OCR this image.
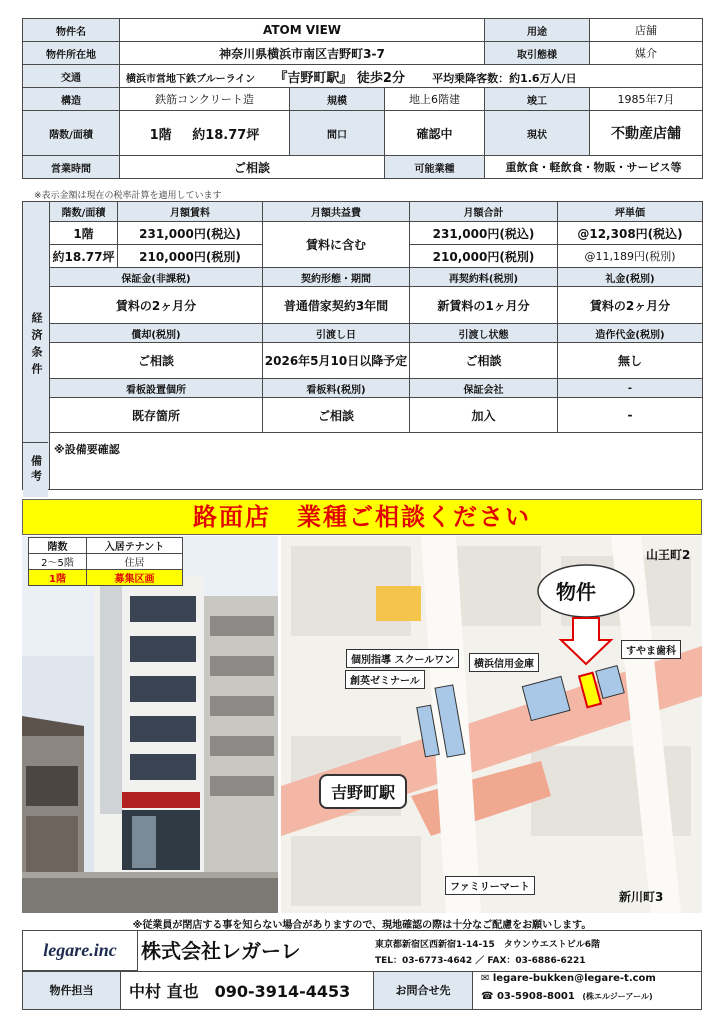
物件名	ATOM VIEW			用途	店舗
物件所在地	神奈川県横浜市南区吉野町3-7			取引態様	媒介
交通	横浜市営地下鉄ブルーライン 『吉野町駅』 徒歩2分 平均乗降客数：約1.6万人/日				
構造	鉄筋コンクリート造	規模	地上6階建	竣工	1985年7月
階数/面積	1階 約18.77坪	間口	確認中	現状	不動産店舗
営業時間	ご相談		可能業種	重飲食・軽飲食・物販・サービス等	
※表示金額は現在の税率計算を適用しています
経済条件	階数/面積	月額賃料	月額共益費	月額合計	坪単価
	1階	231,000円(税込)	賃料に含む	231,000円(税込)	@12,308円(税込)
	約18.77坪	210,000円(税別)		210,000円(税別)	@11,189円(税別)
	保証金(非課税)		契約形態・期間	再契約料(税別)	礼金(税別)
	賃料の2ヶ月分		普通借家契約3年間	新賃料の1ヶ月分	賃料の2ヶ月分
	償却(税別)		引渡し日	引渡し状態	造作代金(税別)
	ご相談		2026年5月10日以降予定	ご相談	無し
	看板設置個所		看板料(税別)	保証会社	-
	既存箇所		ご相談	加入	-
	※設備要確認				
備考
路面店　業種ご相談ください
階数	入居テナント
2～5階	住居
1階	募集区画
物件
吉野町駅
個別指導 スクールワン
創英ゼミナール
横浜信用金庫
すやま歯科
ファミリーマート
山王町2
新川町3
※従業員が閉店する事を知らない場合がありますので、現地確認の際は十分なご配慮をお願いします。
legare.inc 株式会社レガーレ	東京都新宿区西新宿1-14-15　タウンウエストビル6階
TEL：03-6773-4642 ／ FAX：03-6886-6221
物件担当	中村 直也　090-3914-4453	お問合せ先
✉ legare-bukken@legare-t.com
☎ 03-5908-8001 (株エルジーアール)
